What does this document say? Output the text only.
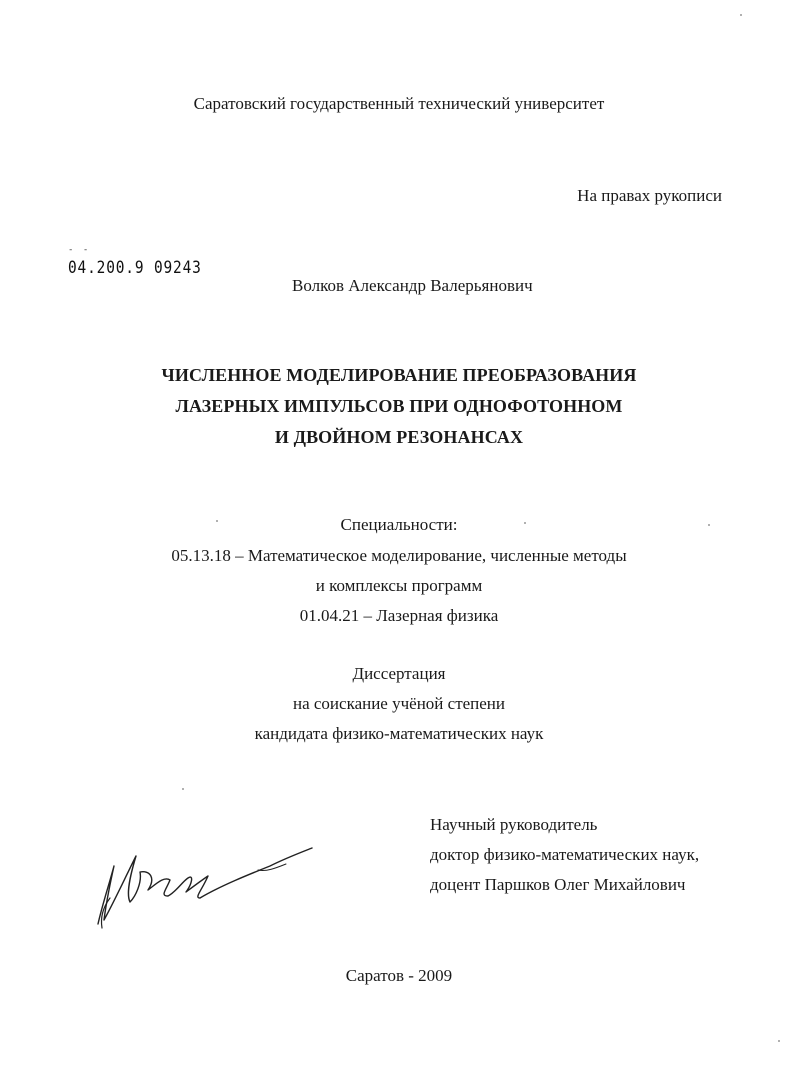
Саратовский государственный технический университет
На правах рукописи
- -
04.200.9 09243
Волков Александр Валерьянович
ЧИСЛЕННОЕ МОДЕЛИРОВАНИЕ ПРЕОБРАЗОВАНИЯ
ЛАЗЕРНЫХ ИМПУЛЬСОВ ПРИ ОДНОФОТОННОМ
И ДВОЙНОМ РЕЗОНАНСАХ
Специальности:
05.13.18 – Математическое моделирование, численные методы
и комплексы программ
01.04.21 – Лазерная физика
Диссертация
на соискание учёной степени
кандидата физико-математических наук
Научный руководитель
доктор физико-математических наук,
доцент Паршков Олег Михайлович
Саратов - 2009
